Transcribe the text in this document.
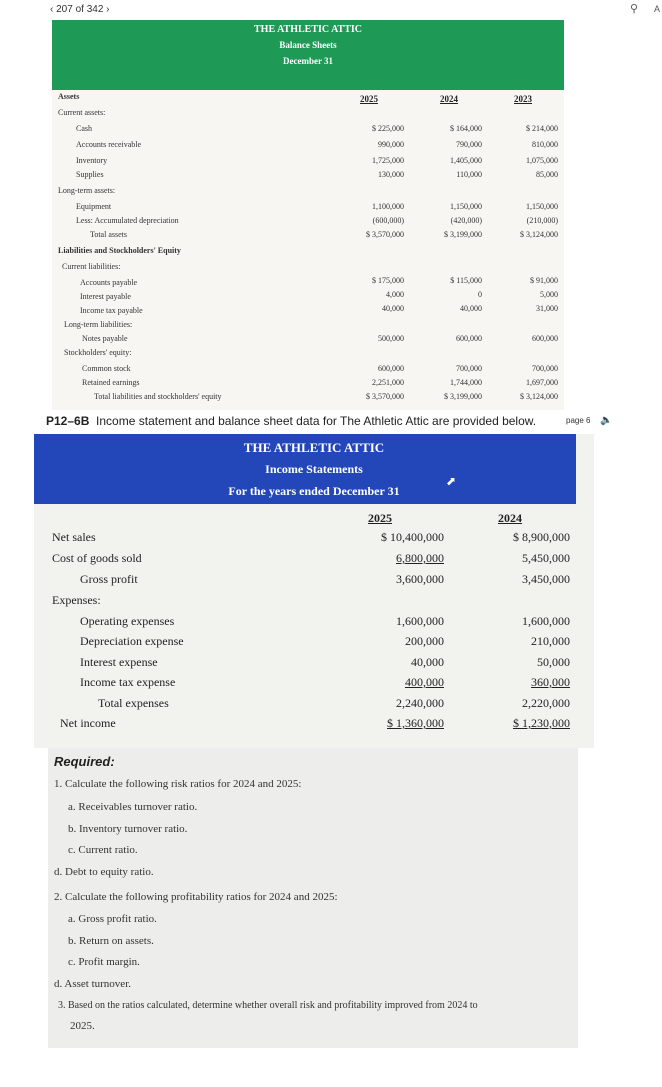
‹ 207 of 342 ›	⚲ A
THE ATHLETIC ATTIC
Balance Sheets
December 31
2025	2024	2023
Assets
Current assets:
Cash	$ 225,000	$ 164,000	$ 214,000
Accounts receivable	990,000	790,000	810,000
Inventory	1,725,000	1,405,000	1,075,000
Supplies	130,000	110,000	85,000
Long-term assets:
Equipment	1,100,000	1,150,000	1,150,000
Less: Accumulated depreciation	(600,000)	(420,000)	(210,000)
Total assets	$ 3,570,000	$ 3,199,000	$ 3,124,000
Liabilities and Stockholders' Equity
Current liabilities:
Accounts payable	$ 175,000	$ 115,000	$ 91,000
Interest payable	4,000	0	5,000
Income tax payable	40,000	40,000	31,000
Long-term liabilities:
Notes payable	500,000	600,000	600,000
Stockholders' equity:
Common stock	600,000	700,000	700,000
Retained earnings	2,251,000	1,744,000	1,697,000
Total liabilities and stockholders' equity	$ 3,570,000	$ 3,199,000	$ 3,124,000
P12–6B Income statement and balance sheet data for The Athletic Attic are provided below.	page 6 🔈
THE ATHLETIC ATTIC
Income Statements
For the years ended December 31
⬈
2025	2024
Net sales	$ 10,400,000	$ 8,900,000
Cost of goods sold	6,800,000	5,450,000
Gross profit	3,600,000	3,450,000
Expenses:
Operating expenses	1,600,000	1,600,000
Depreciation expense	200,000	210,000
Interest expense	40,000	50,000
Income tax expense	400,000	360,000
Total expenses	2,240,000	2,220,000
Net income	$ 1,360,000	$ 1,230,000
Required:
1. Calculate the following risk ratios for 2024 and 2025:
a. Receivables turnover ratio.
b. Inventory turnover ratio.
c. Current ratio.
d. Debt to equity ratio.
2. Calculate the following profitability ratios for 2024 and 2025:
a. Gross profit ratio.
b. Return on assets.
c. Profit margin.
d. Asset turnover.
3. Based on the ratios calculated, determine whether overall risk and profitability improved from 2024 to
2025.
